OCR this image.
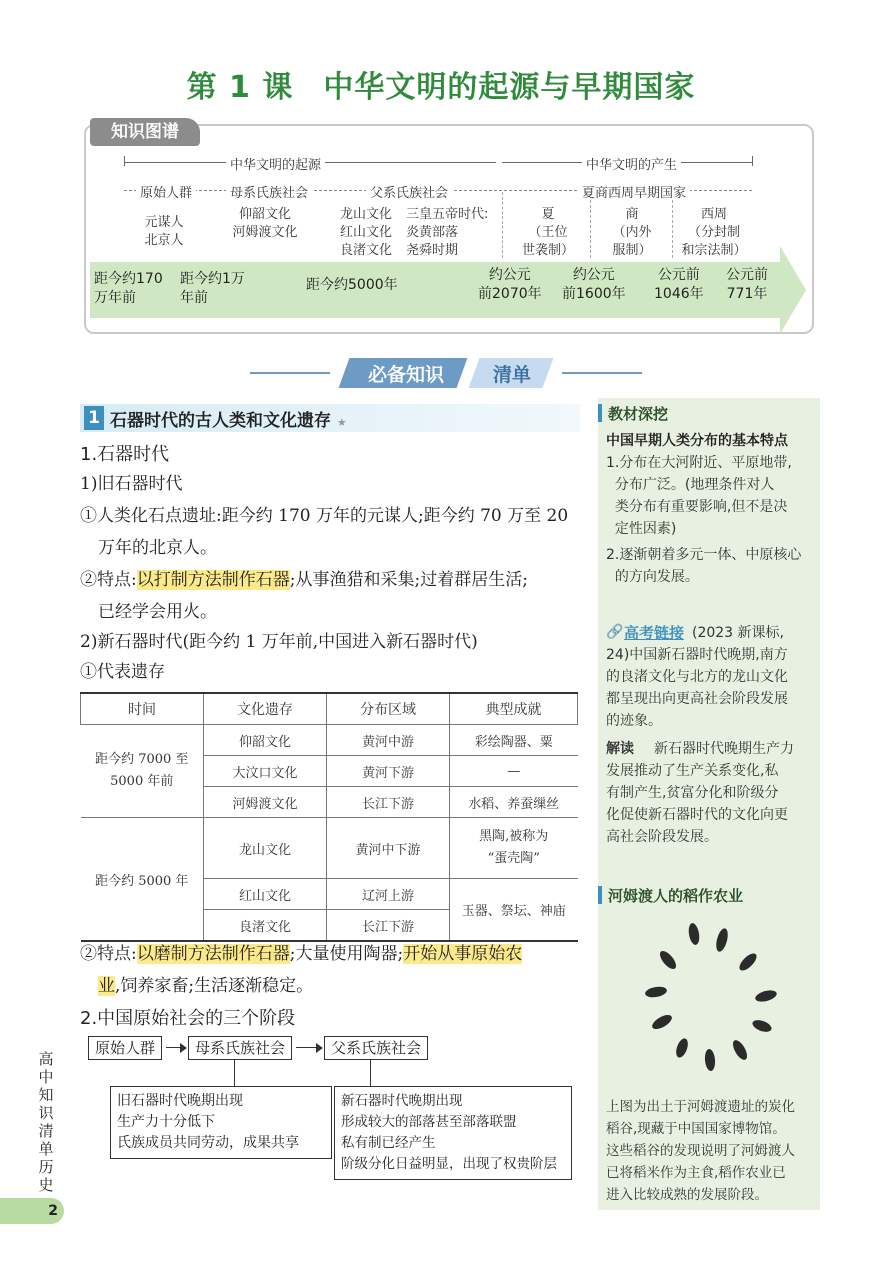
第 1 课 中华文明的起源与早期国家
知识图谱
中华文明的起源	中华文明的产生
原始人群	母系氏族社会	父系氏族社会	夏商西周早期国家
元谋人
北京人
仰韶文化
河姆渡文化
龙山文化
红山文化
良渚文化
三皇五帝时代:
炎黄部落
尧舜时期
夏
（王位
世袭制）
商
（内外
服制）
西周
（分封制
和宗法制）
距今约170
万年前
距今约1万
年前
距今约5000年
约公元
前2070年
约公元
前1600年
公元前
1046年
公元前
771年
必备知识	清单
1 石器时代的古人类和文化遗存 ★
1.石器时代
1)旧石器时代
①人类化石点遗址:距今约 170 万年的元谋人;距今约 70 万至 20
万年的北京人。
②特点:以打制方法制作石器;从事渔猎和采集;过着群居生活;
已经学会用火。
2)新石器时代(距今约 1 万年前,中国进入新石器时代)
①代表遗存
时间	文化遗存	分布区域	典型成就
距今约 7000 至
5000 年前	仰韶文化	黄河中游	彩绘陶器、粟
	大汶口文化	黄河下游	—
	河姆渡文化	长江下游	水稻、养蚕缫丝
距今约 5000 年	龙山文化	黄河中下游	黑陶,被称为
“蛋壳陶”
	红山文化	辽河上游	玉器、祭坛、神庙
	良渚文化	长江下游	
②特点:以磨制方法制作石器;大量使用陶器;开始从事原始农
业,饲养家畜;生活逐渐稳定。
2.中国原始社会的三个阶段
原始人群	母系氏族社会	父系氏族社会
旧石器时代晚期出现
生产力十分低下
氏族成员共同劳动，成果共享
新石器时代晚期出现
形成较大的部落甚至部落联盟
私有制已经产生
阶级分化日益明显，出现了权贵阶层
教材深挖
中国早期人类分布的基本特点
1.分布在大河附近、平原地带,
分布广泛。(地理条件对人
类分布有重要影响,但不是决
定性因素)
2.逐渐朝着多元一体、中原核心
的方向发展。
🔗 高考链接 (2023 新课标,
24)中国新石器时代晚期,南方
的良渚文化与北方的龙山文化
都呈现出向更高社会阶段发展
的迹象。
解读	新石器时代晚期生产力
发展推动了生产关系变化,私
有制产生,贫富分化和阶级分
化促使新石器时代的文化向更
高社会阶段发展。
河姆渡人的稻作农业
上图为出土于河姆渡遗址的炭化
稻谷,现藏于中国国家博物馆。
这些稻谷的发现说明了河姆渡人
已将稻米作为主食,稻作农业已
进入比较成熟的发展阶段。
高中知识清单 历史
2
